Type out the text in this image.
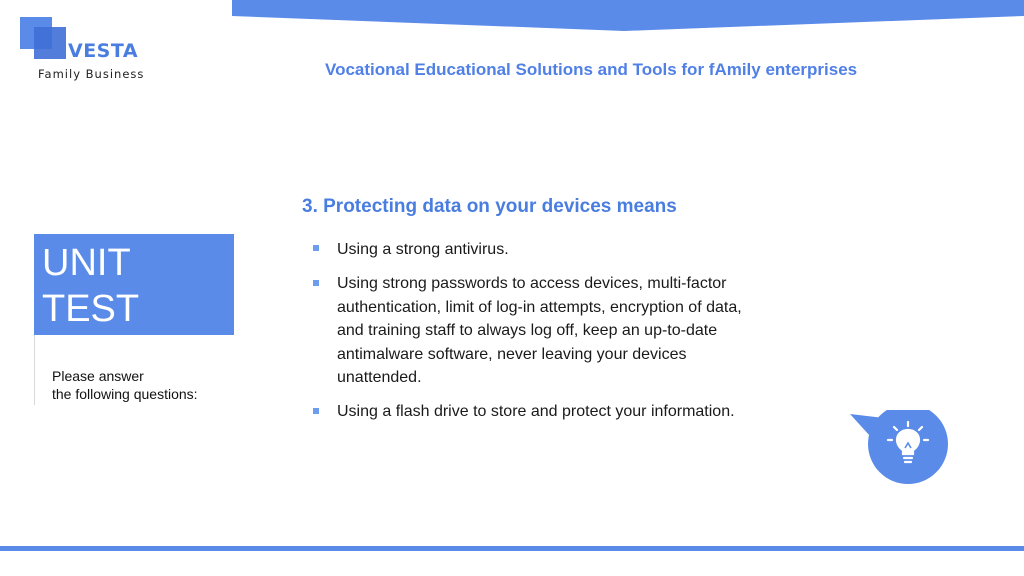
VESTA
Family Business	Vocational Educational Solutions and Tools for fAmily enterprises
3. Protecting data on your devices means
UNIT
TEST
Please answer
the following questions:
Using a strong antivirus.
Using strong passwords to access devices, multi-factor
authentication, limit of log-in attempts, encryption of data,
and training staff to always log off, keep an up-to-date
antimalware software, never leaving your devices
unattended.
Using a flash drive to store and protect your information.
